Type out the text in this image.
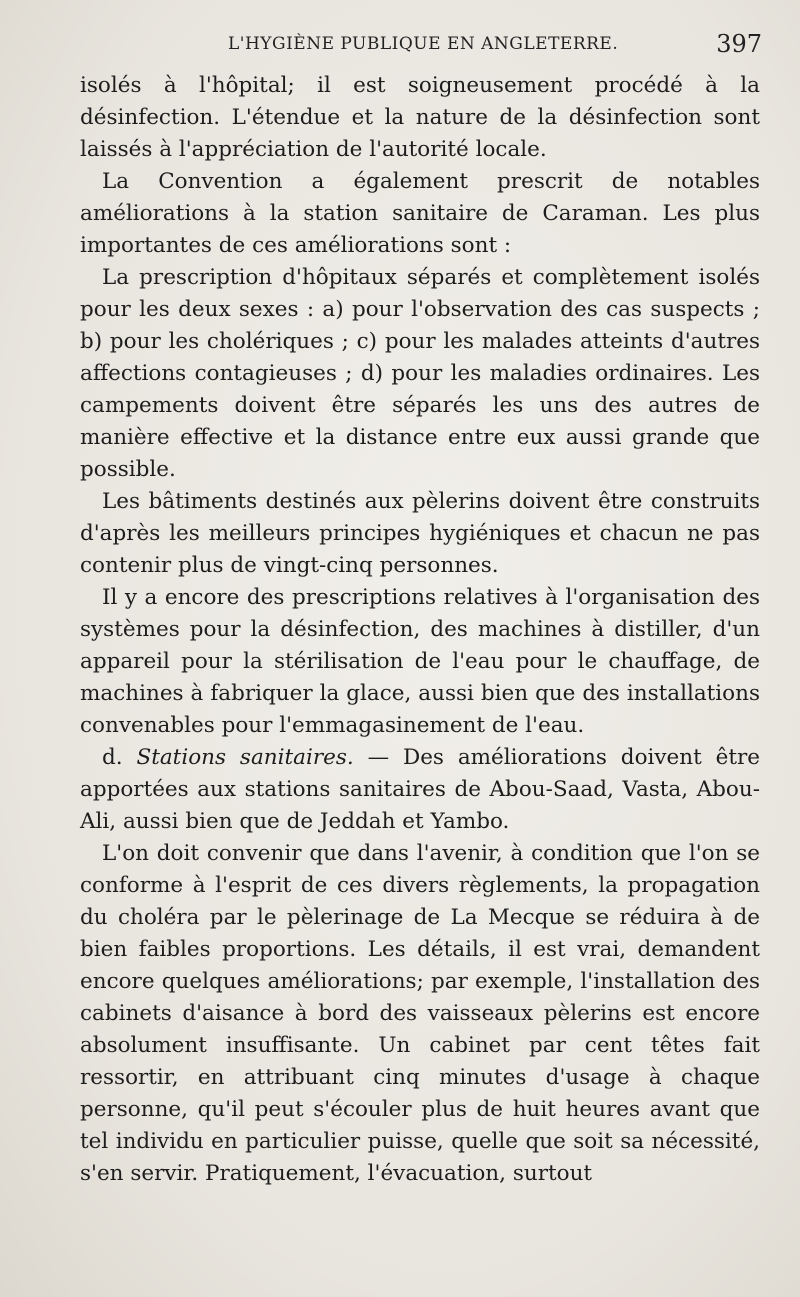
L'HYGIÈNE PUBLIQUE EN ANGLETERRE.	397

isolés à l'hôpital; il est soigneusement procédé à la désinfection. L'étendue et la nature de la désinfection sont laissés à l'appréciation de l'autorité locale.

La Convention a également prescrit de notables améliorations à la station sanitaire de Caraman. Les plus importantes de ces améliorations sont :

La prescription d'hôpitaux séparés et complètement isolés pour les deux sexes : a) pour l'observation des cas suspects ; b) pour les cholériques ; c) pour les malades atteints d'autres affections contagieuses ; d) pour les maladies ordinaires. Les campements doivent être séparés les uns des autres de manière effective et la distance entre eux aussi grande que possible.

Les bâtiments destinés aux pèlerins doivent être construits d'après les meilleurs principes hygiéniques et chacun ne pas contenir plus de vingt-cinq personnes.

Il y a encore des prescriptions relatives à l'organisation des systèmes pour la désinfection, des machines à distiller, d'un appareil pour la stérilisation de l'eau pour le chauffage, de machines à fabriquer la glace, aussi bien que des installations convenables pour l'emmagasinement de l'eau.

d. Stations sanitaires. — Des améliorations doivent être apportées aux stations sanitaires de Abou-Saad, Vasta, Abou-Ali, aussi bien que de Jeddah et Yambo.

L'on doit convenir que dans l'avenir, à condition que l'on se conforme à l'esprit de ces divers règlements, la propagation du choléra par le pèlerinage de La Mecque se réduira à de bien faibles proportions. Les détails, il est vrai, demandent encore quelques améliorations; par exemple, l'installation des cabinets d'aisance à bord des vaisseaux pèlerins est encore absolument insuffisante. Un cabinet par cent têtes fait ressortir, en attribuant cinq minutes d'usage à chaque personne, qu'il peut s'écouler plus de huit heures avant que tel individu en particulier puisse, quelle que soit sa nécessité, s'en servir. Pratiquement, l'évacuation, surtout
